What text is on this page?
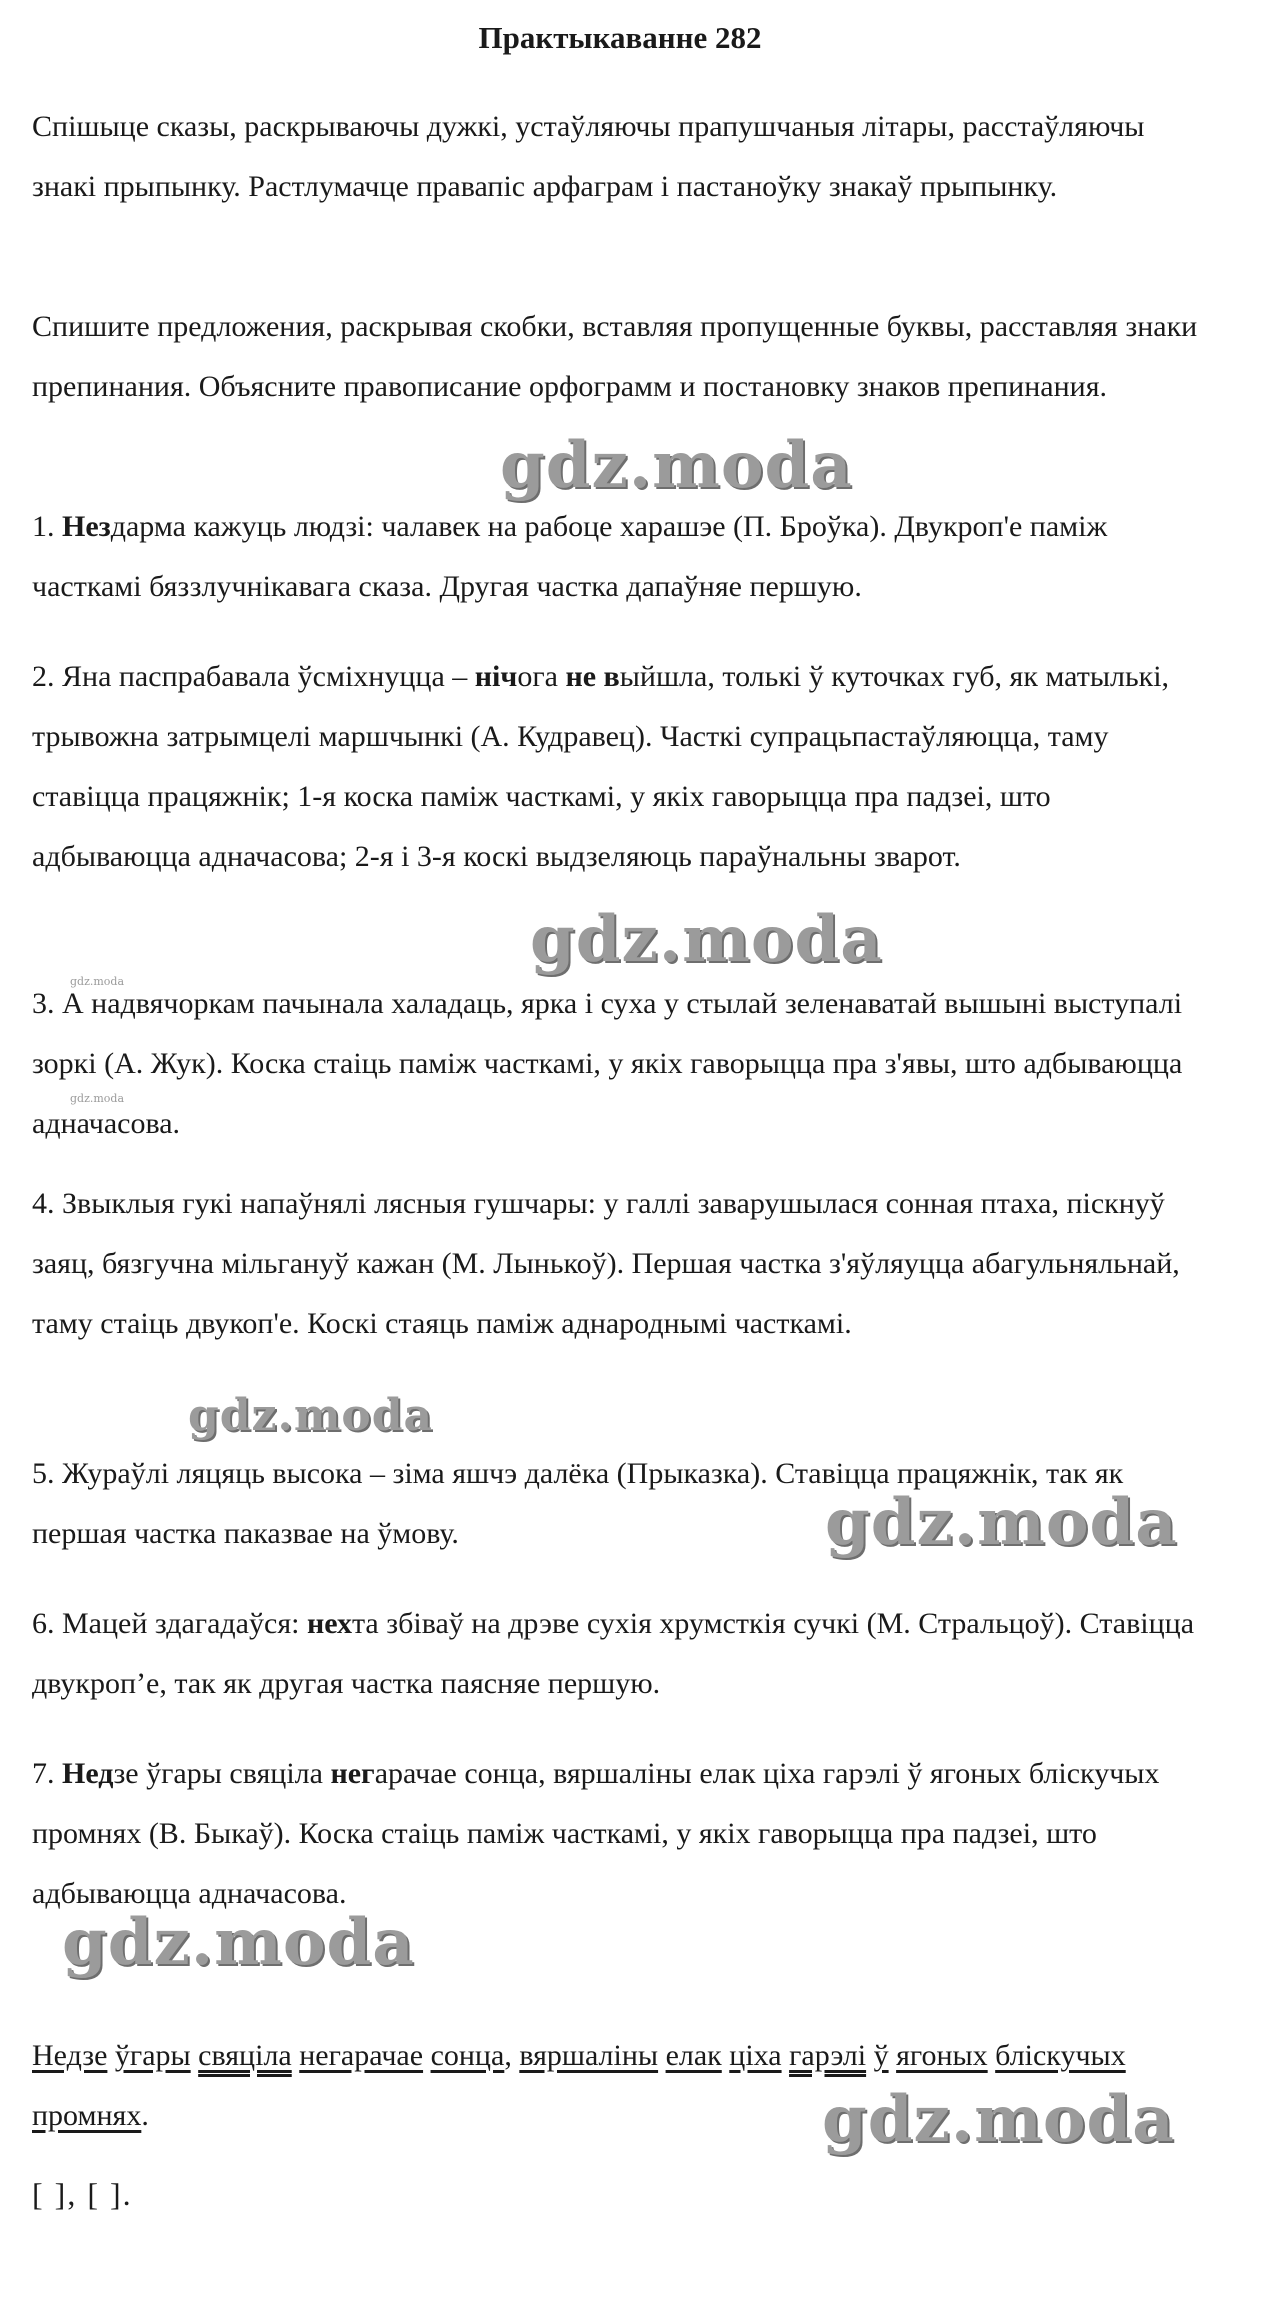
Практыкаванне 282
Спішыце сказы, раскрываючы дужкі, устаўляючы прапушчаныя літары, расстаўляючы знакі прыпынку. Растлумачце правапіс арфаграм і пастаноўку знакаў прыпынку.
Спишите предложения, раскрывая скобки, вставляя пропущенные буквы, расставляя знаки препинания. Объясните правописание орфограмм и постановку знаков препинания.
1. Нездарма кажуць людзі: чалавек на рабоце харашэе (П. Броўка). Двукроп'е паміж часткамі бяззлучнікавага сказа. Другая частка дапаўняе першую.
2. Яна паспрабавала ўсміхнуцца – нічога не выйшла, толькі ў куточках губ, як матылькі, трывожна затрымцелі маршчынкі (А. Кудравец). Часткі супрацьпастаўляюцца, таму ставіцца працяжнік; 1-я коска паміж часткамі, у якіх гаворыцца пра падзеі, што адбываюцца адначасова; 2-я і 3-я коскі выдзеляюць параўнальны зварот.
3. А надвячоркам пачынала халадаць, ярка і суха у стылай зеленаватай вышыні выступалі зоркі (А. Жук). Коска стаіць паміж часткамі, у якіх гаворыцца пра з'явы, што адбываюцца адначасова.
4. Звыклыя гукі напаўнялі лясныя гушчары: у галлі заварушылася сонная птаха, піскнуў заяц, бязгучна мільгануў кажан (М. Лынькоў). Першая частка з'яўляуцца абагульняльнай, таму стаіць двукоп'е. Коскі стаяць паміж аднароднымі часткамі.
5. Жураўлі ляцяць высока – зіма яшчэ далёка (Прыказка). Ставіцца працяжнік, так як першая частка паказвае на ўмову.
6. Мацей здагадаўся: нехта збіваў на дрэве сухія хрумсткія сучкі (М. Стральцоў). Ставіцца двукроп’е, так як другая частка паясняе першую.
7. Недзе ўгары свяціла негарачае сонца, вяршаліны елак ціха гарэлі ў ягоных бліскучых промнях (В. Быкаў). Коска стаіць паміж часткамі, у якіх гаворыцца пра падзеі, што адбываюцца адначасова.
Недзе ўгары свяціла негарачае сонца, вяршаліны елак ціха гарэлі ў ягоных бліскучых промнях.
[ ], [ ].
gdz.moda
gdz.moda
gdz.moda
gdz.moda
gdz.moda
gdz.moda
gdz.moda
gdz.moda
